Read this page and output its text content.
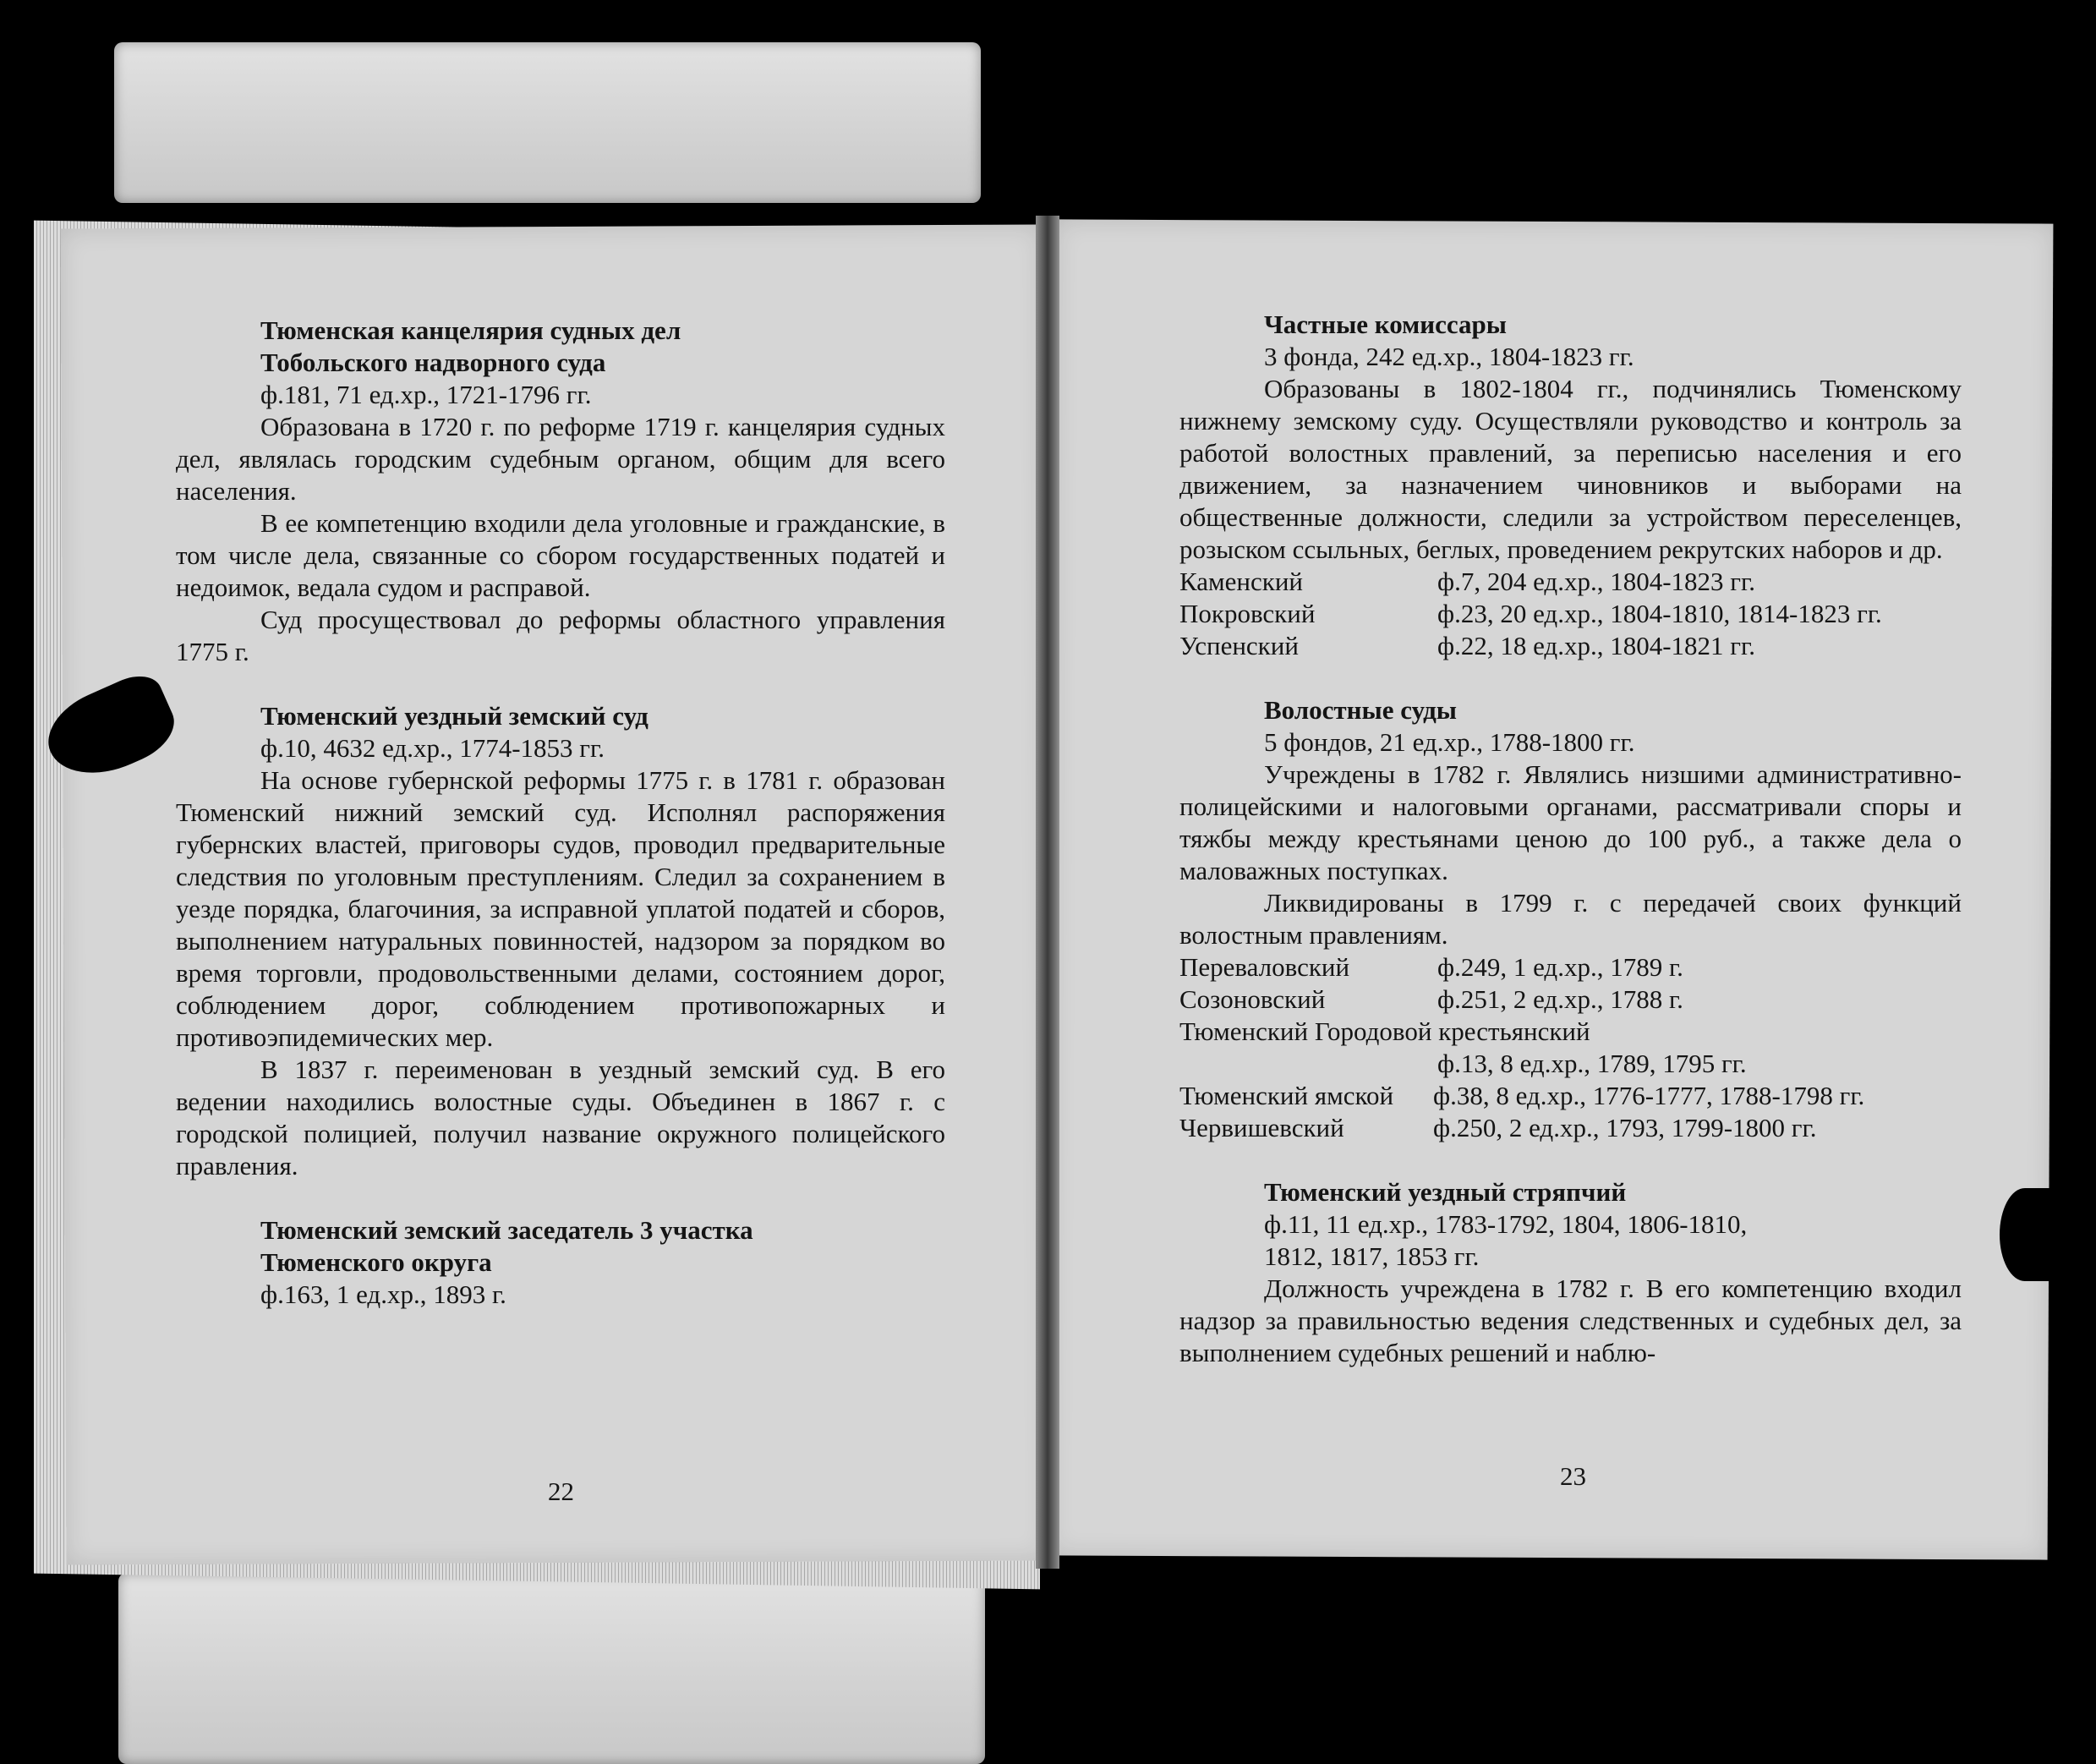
Тюменская канцелярия судных дел
Тобольского надворного суда
ф.181, 71 ед.хр., 1721-1796 гг.

Образована в 1720 г. по реформе 1719 г. канцелярия судных дел, являлась городским судебным органом, общим для всего населения.

В ее компетенцию входили дела уголовные и гражданские, в том числе дела, связанные со сбором государственных податей и недоимок, ведала судом и расправой.

Суд просуществовал до реформы областного управления 1775 г.

Тюменский уездный земский суд
ф.10, 4632 ед.хр., 1774-1853 гг.

На основе губернской реформы 1775 г. в 1781 г. образован Тюменский нижний земский суд. Исполнял распоряжения губернских властей, приговоры судов, проводил предварительные следствия по уголовным преступлениям. Следил за сохранением в уезде порядка, благочиния, за исправной уплатой податей и сборов, выполнением натуральных повинностей, надзором за порядком во время торговли, продовольственными делами, состоянием дорог, соблюдением дорог, соблюдением противопожарных и противоэпидемических мер.

В 1837 г. переименован в уездный земский суд. В его ведении находились волостные суды. Объединен в 1867 г. с городской полицией, получил название окружного полицейского правления.

Тюменский земский заседатель 3 участка
Тюменского округа
ф.163, 1 ед.хр., 1893 г.
22
Частные комиссары
3 фонда, 242 ед.хр., 1804-1823 гг.

Образованы в 1802-1804 гг., подчинялись Тюменскому нижнему земскому суду. Осуществляли руководство и контроль за работой волостных правлений, за переписью населения и его движением, за назначением чиновников и выборами на общественные должности, следили за устройством переселенцев, розыском ссыльных, беглых, проведением рекрутских наборов и др.

Каменский	ф.7, 204 ед.хр., 1804-1823 гг.
Покровский	ф.23, 20 ед.хр., 1804-1810, 1814-1823 гг.
Успенский	ф.22, 18 ед.хр., 1804-1821 гг.
Волостные суды
5 фондов, 21 ед.хр., 1788-1800 гг.

Учреждены в 1782 г. Являлись низшими административно-полицейскими и налоговыми органами, рассматривали споры и тяжбы между крестьянами ценою до 100 руб., а также дела о маловажных поступках.

Ликвидированы в 1799 г. с передачей своих функций волостным правлениям.

Переваловский	ф.249, 1 ед.хр., 1789 г.
Созоновский	ф.251, 2 ед.хр., 1788 г.
Тюменский Городовой крестьянский
ф.13, 8 ед.хр., 1789, 1795 гг.
Тюменский ямской	ф.38, 8 ед.хр., 1776-1777, 1788-1798 гг.
Червишевский	ф.250, 2 ед.хр., 1793, 1799-1800 гг.
Тюменский уездный стряпчий
ф.11, 11 ед.хр., 1783-1792, 1804, 1806-1810,
1812, 1817, 1853 гг.

Должность учреждена в 1782 г. В его компетенцию входил надзор за правильностью ведения следственных и судебных дел, за выполнением судебных решений и наблю-

23
